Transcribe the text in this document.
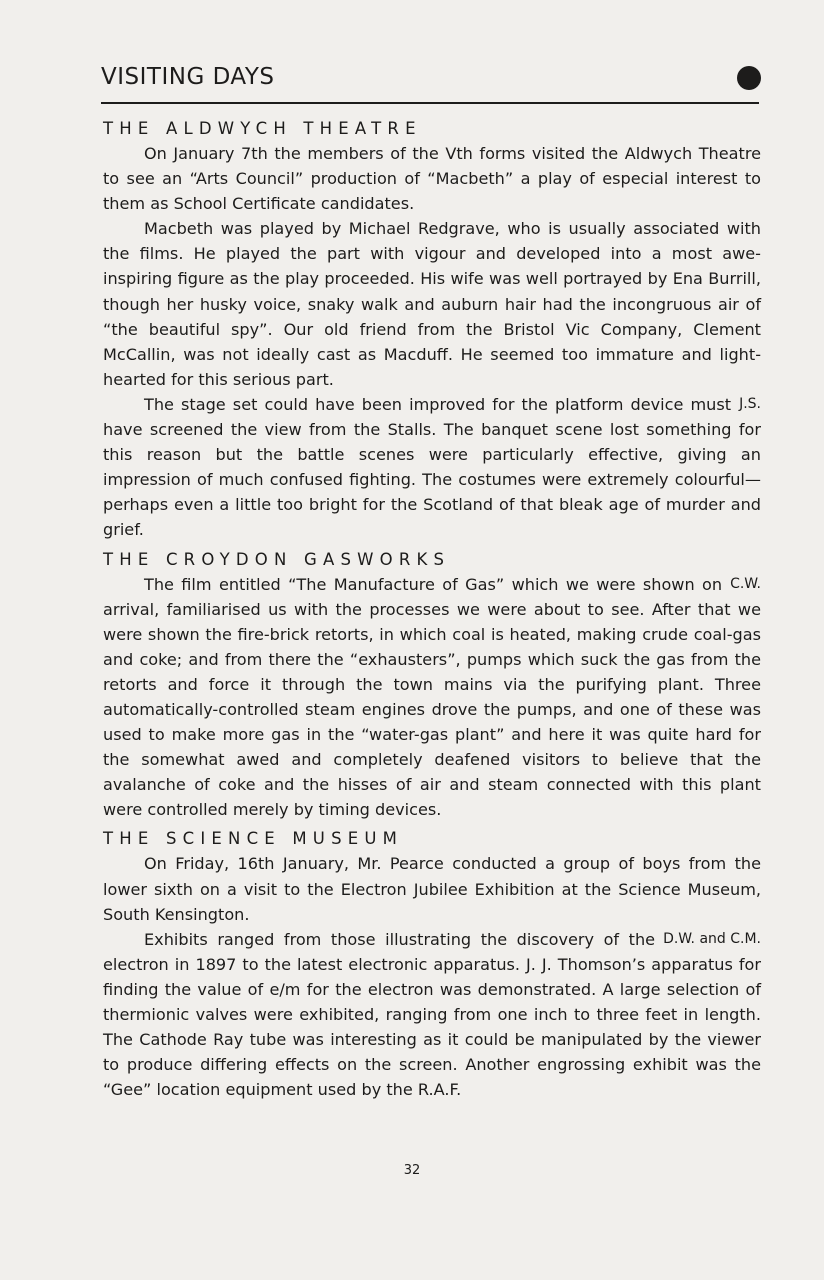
VISITING DAYS
THE ALDWYCH THEATRE

On January 7th the members of the Vth forms visited the Aldwych Theatre to see an “Arts Council” production of “Macbeth” a play of especial interest to them as School Certificate candidates.

Macbeth was played by Michael Redgrave, who is usually associated with the films. He played the part with vigour and developed into a most awe-inspiring figure as the play proceeded. His wife was well portrayed by Ena Burrill, though her husky voice, snaky walk and auburn hair had the incongruous air of “the beautiful spy”. Our old friend from the Bristol Vic Company, Clement McCallin, was not ideally cast as Macduff. He seemed too immature and light-hearted for this serious part.

J.S.
The stage set could have been improved for the platform device must have screened the view from the Stalls. The banquet scene lost something for this reason but the battle scenes were particularly effective, giving an impression of much confused fighting. The costumes were extremely colourful—perhaps even a little too bright for the Scotland of that bleak age of murder and grief.

THE CROYDON GASWORKS

C.W.
The film entitled “The Manufacture of Gas” which we were shown on arrival, familiarised us with the processes we were about to see. After that we were shown the fire-brick retorts, in which coal is heated, making crude coal-gas and coke; and from there the “exhausters”, pumps which suck the gas from the retorts and force it through the town mains via the purifying plant. Three automatically-controlled steam engines drove the pumps, and one of these was used to make more gas in the “water-gas plant” and here it was quite hard for the somewhat awed and completely deafened visitors to believe that the avalanche of coke and the hisses of air and steam connected with this plant were controlled merely by timing devices.

THE SCIENCE MUSEUM

On Friday, 16th January, Mr. Pearce conducted a group of boys from the lower sixth on a visit to the Electron Jubilee Exhibition at the Science Museum, South Kensington.

D.W. and C.M.
Exhibits ranged from those illustrating the discovery of the electron in 1897 to the latest electronic apparatus. J. J. Thomson’s apparatus for finding the value of e/m for the electron was demonstrated. A large selection of thermionic valves were exhibited, ranging from one inch to three feet in length. The Cathode Ray tube was interesting as it could be manipulated by the viewer to produce differing effects on the screen. Another engrossing exhibit was the “Gee” location equipment used by the R.A.F.

32
